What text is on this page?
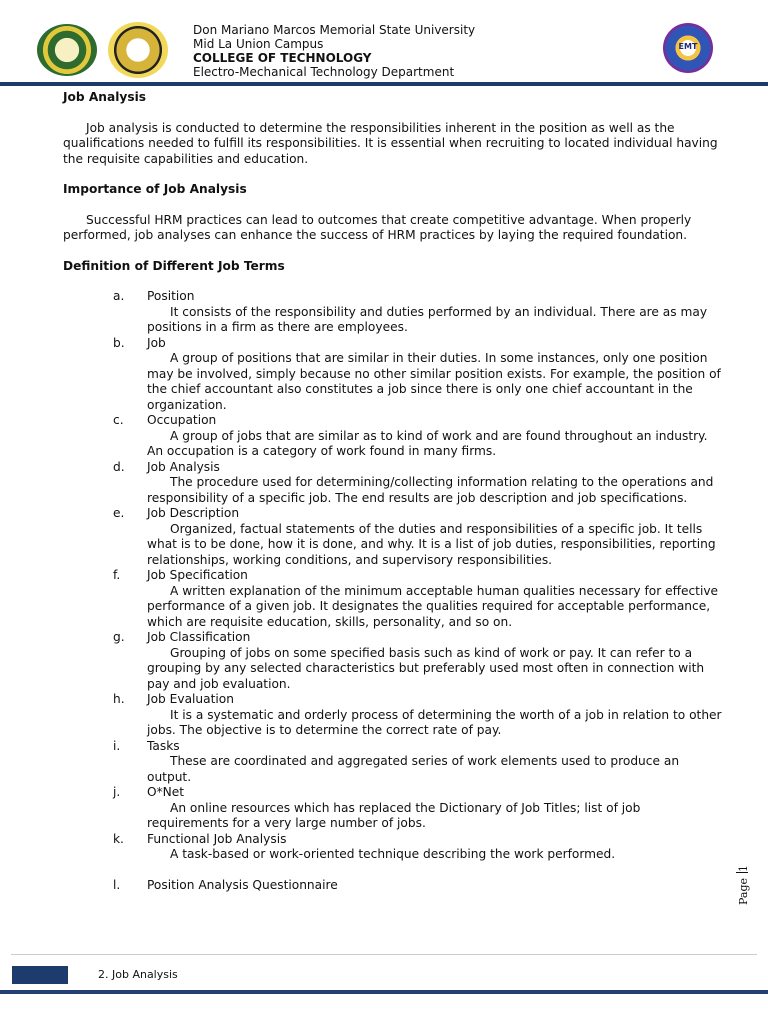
EMT
Don Mariano Marcos Memorial State University
Mid La Union Campus
COLLEGE OF TECHNOLOGY
Electro-Mechanical Technology Department
Job Analysis

Job analysis is conducted to determine the responsibilities inherent in the position as well as the qualifications needed to fulfill its responsibilities. It is essential when recruiting to located individual having the requisite capabilities and education.

Importance of Job Analysis

Successful HRM practices can lead to outcomes that create competitive advantage. When properly performed, job analyses can enhance the success of HRM practices by laying the required foundation.

Definition of Different Job Terms
a.	Position
It consists of the responsibility and duties performed by an individual. There are as may positions in a firm as there are employees.
b.	Job
A group of positions that are similar in their duties. In some instances, only one position may be involved, simply because no other similar position exists. For example, the position of the chief accountant also constitutes a job since there is only one chief accountant in the organization.
c.	Occupation
A group of jobs that are similar as to kind of work and are found throughout an industry. An occupation is a category of work found in many firms.
d.	Job Analysis
The procedure used for determining/collecting information relating to the operations and responsibility of a specific job. The end results are job description and job specifications.
e.	Job Description
Organized, factual statements of the duties and responsibilities of a specific job. It tells what is to be done, how it is done, and why. It is a list of job duties, responsibilities, reporting relationships, working conditions, and supervisory responsibilities.
f.	Job Specification
A written explanation of the minimum acceptable human qualities necessary for effective performance of a given job. It designates the qualities required for acceptable performance, which are requisite education, skills, personality, and so on.
g.	Job Classification
Grouping of jobs on some specified basis such as kind of work or pay. It can refer to a grouping by any selected characteristics but preferably used most often in connection with pay and job evaluation.
h.	Job Evaluation
It is a systematic and orderly process of determining the worth of a job in relation to other jobs. The objective is to determine the correct rate of pay.
i.	Tasks
These are coordinated and aggregated series of work elements used to produce an output.
j.	O*Net
An online resources which has replaced the Dictionary of Job Titles; list of job requirements for a very large number of jobs.
k.	Functional Job Analysis
A task-based or work-oriented technique describing the work performed.
l.	Position Analysis Questionnaire	Page1
2. Job Analysis
